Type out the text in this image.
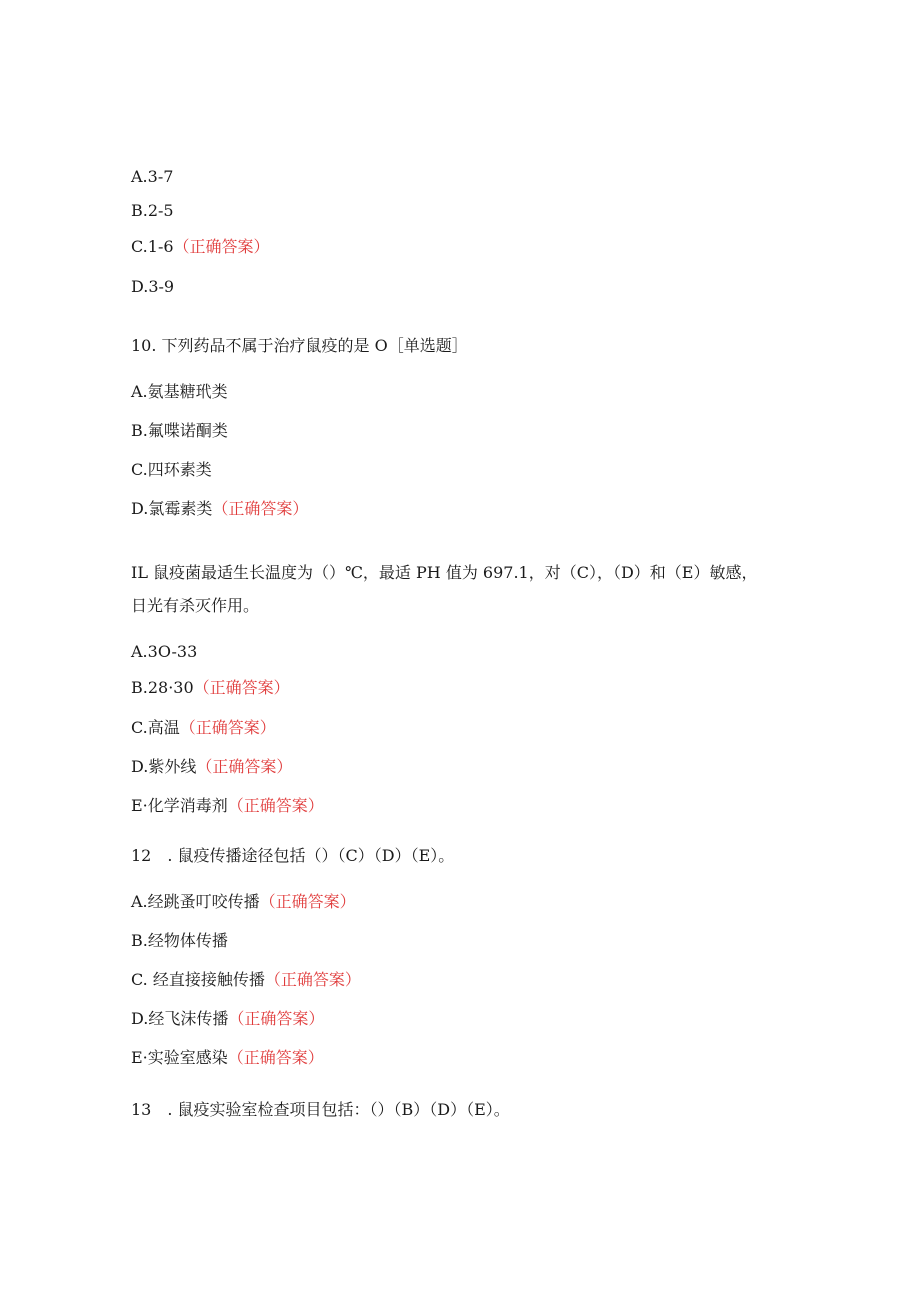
A.3-7
B.2-5
C.1-6（正确答案）
D.3-9
10. 下列药品不属于治疗鼠疫的是 O［单选题］
A.氨基糖玳类
B.氟喋诺酮类
C.四环素类
D.氯霉素类（正确答案）
IL 鼠疫菌最适生长温度为（）℃，最适 PH 值为 697.1，对（C），（D）和（E）敏感，日光有杀灭作用。
A.3O-33
B.28·30（正确答案）
C.高温（正确答案）
D.紫外线（正确答案）
E·化学消毒剂（正确答案）
12　. 鼠疫传播途径包括（）（C）（D）（E）。
A.经跳蚤叮咬传播（正确答案）
B.经物体传播
C. 经直接接触传播（正确答案）
D.经飞沫传播（正确答案）
E·实验室感染（正确答案）
13　. 鼠疫实验室检查项目包括：（）（B）（D）（E）。
